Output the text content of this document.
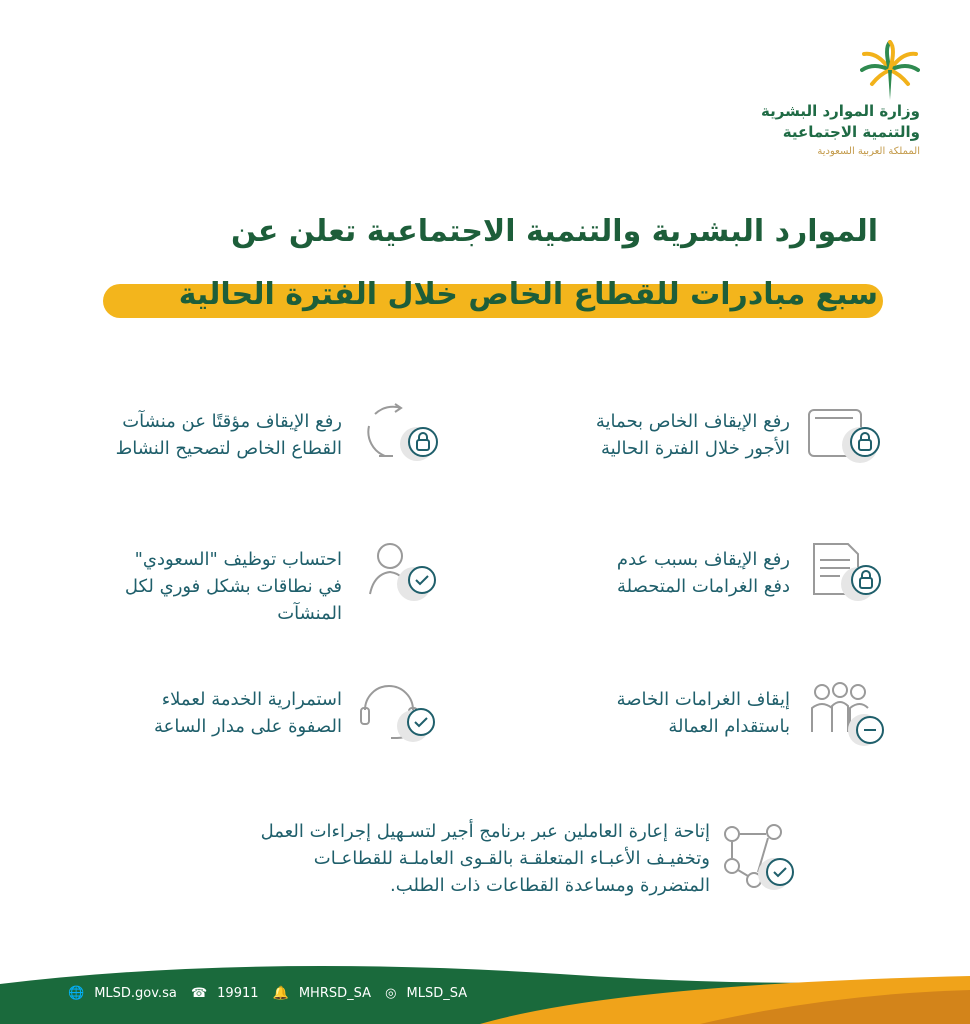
وزارة الموارد البشرية
والتنمية الاجتماعية
المملكة العربية السعودية
الموارد البشرية والتنمية الاجتماعية تعلن عن
سبع مبادرات للقطاع الخاص خلال الفترة الحالية
رفع الإيقاف الخاص بحماية
الأجور خلال الفترة الحالية
رفع الإيقاف مؤقتًا عن منشآت
القطاع الخاص لتصحيح النشاط
رفع الإيقاف بسبب عدم
دفع الغرامات المتحصلة
احتساب توظيف "السعودي"
في نطاقات بشكل فوري لكل
المنشآت
إيقاف الغرامات الخاصة
باستقدام العمالة
استمرارية الخدمة لعملاء
الصفوة على مدار الساعة
إتاحة إعارة العاملين عبر برنامج أجير لتسـهيل إجراءات العمل
وتخفيـف الأعبـاء المتعلقـة بالقـوى العاملـة للقطاعـات
المتضررة ومساعدة القطاعات ذات الطلب.
🌐 MLSD.gov.sa ☎ 19911 🔔 MHRSD_SA ◎ MLSD_SA
